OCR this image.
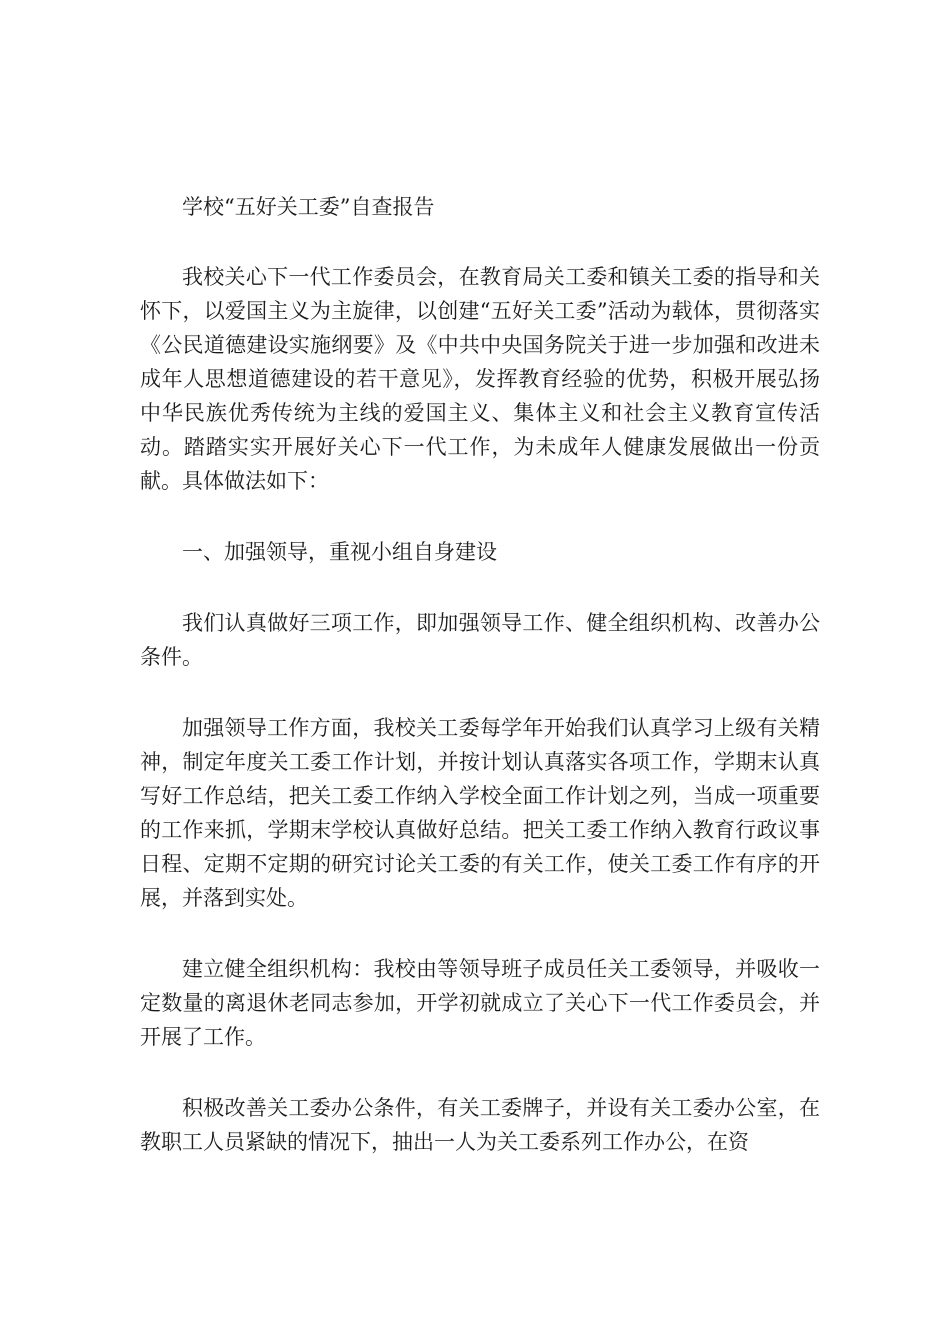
学校“五好关工委”自查报告

我校关心下一代工作委员会，在教育局关工委和镇关工委的指导和关怀下，以爱国主义为主旋律，以创建“五好关工委”活动为载体，贯彻落实《公民道德建设实施纲要》及《中共中央国务院关于进一步加强和改进未成年人思想道德建设的若干意见》，发挥教育经验的优势，积极开展弘扬中华民族优秀传统为主线的爱国主义、集体主义和社会主义教育宣传活动。踏踏实实开展好关心下一代工作，为未成年人健康发展做出一份贡献。具体做法如下：

一、加强领导，重视小组自身建设

我们认真做好三项工作，即加强领导工作、健全组织机构、改善办公条件。

加强领导工作方面，我校关工委每学年开始我们认真学习上级有关精神，制定年度关工委工作计划，并按计划认真落实各项工作，学期末认真写好工作总结，把关工委工作纳入学校全面工作计划之列，当成一项重要的工作来抓，学期末学校认真做好总结。把关工委工作纳入教育行政议事日程、定期不定期的研究讨论关工委的有关工作，使关工委工作有序的开展，并落到实处。

建立健全组织机构：我校由等领导班子成员任关工委领导，并吸收一定数量的离退休老同志参加，开学初就成立了关心下一代工作委员会，并开展了工作。

积极改善关工委办公条件，有关工委牌子，并设有关工委办公室，在教职工人员紧缺的情况下，抽出一人为关工委系列工作办公，在资
